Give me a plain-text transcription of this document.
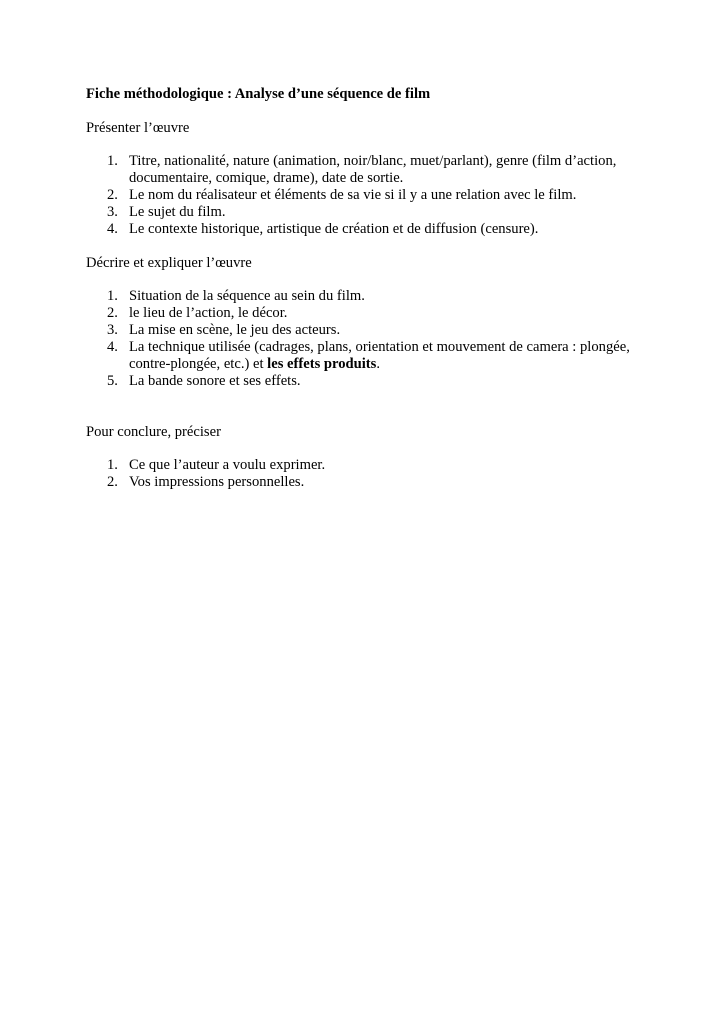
Fiche méthodologique : Analyse d’une séquence de film
Présenter l’œuvre
1. Titre, nationalité, nature (animation, noir/blanc, muet/parlant), genre (film d’action, documentaire, comique, drame), date de sortie.
2. Le nom du réalisateur et éléments de sa vie si il y a une relation avec le film.
3. Le sujet du film.
4. Le contexte historique, artistique de création et de diffusion (censure).
Décrire et expliquer l’œuvre
1. Situation de la séquence au sein du film.
2. le lieu de l’action, le décor.
3. La mise en scène, le jeu des acteurs.
4. La technique utilisée (cadrages, plans, orientation et mouvement de camera : plongée, contre-plongée, etc.) et les effets produits.
5. La bande sonore et ses effets.
Pour conclure, préciser
1. Ce que l’auteur a voulu exprimer.
2. Vos impressions personnelles.
